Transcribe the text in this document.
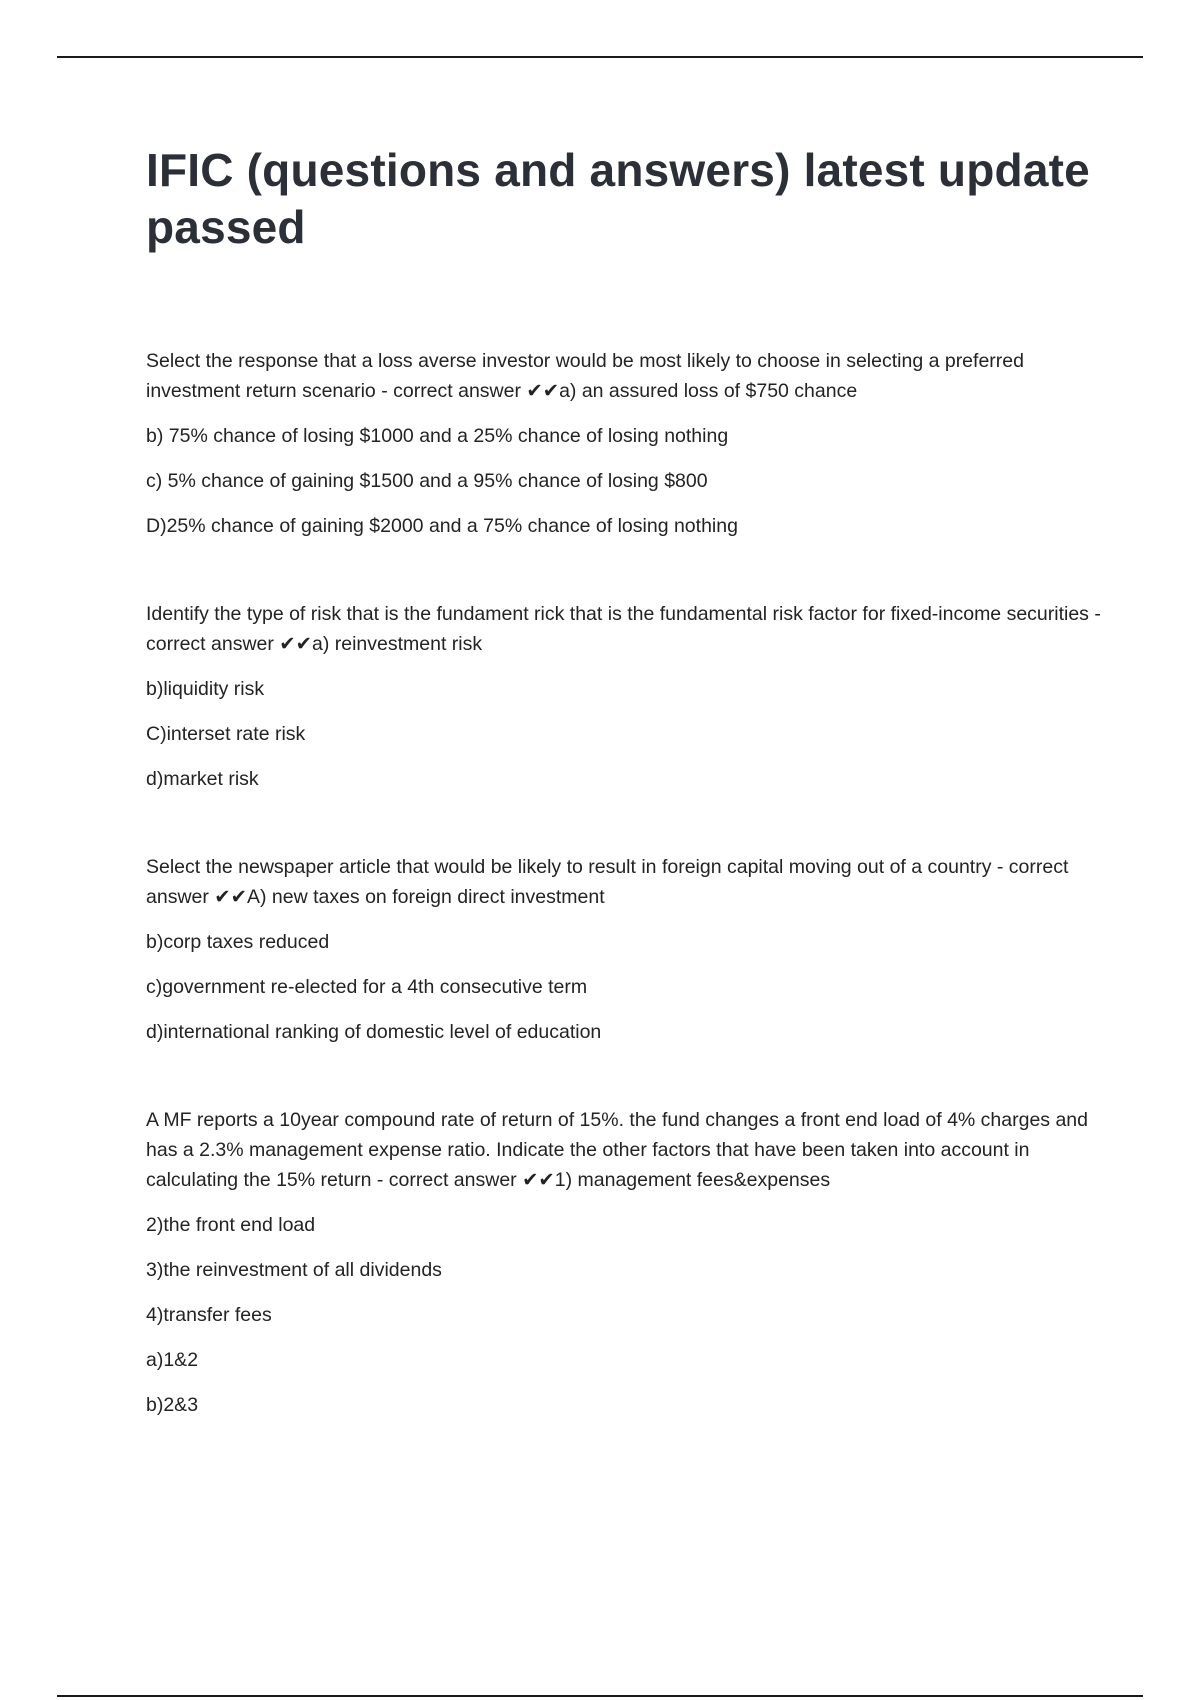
IFIC (questions and answers) latest update passed

Select the response that a loss averse investor would be most likely to choose in selecting a preferred investment return scenario - correct answer ✔✔a) an assured loss of $750 chance

b) 75% chance of losing $1000 and a 25% chance of losing nothing

c) 5% chance of gaining $1500 and a 95% chance of losing $800

D)25% chance of gaining $2000 and a 75% chance of losing nothing

Identify the type of risk that is the fundament rick that is the fundamental risk factor for fixed-income securities - correct answer ✔✔a) reinvestment risk

b)liquidity risk

C)interset rate risk

d)market risk

Select the newspaper article that would be likely to result in foreign capital moving out of a country - correct answer ✔✔A) new taxes on foreign direct investment

b)corp taxes reduced

c)government re-elected for a 4th consecutive term

d)international ranking of domestic level of education

A MF reports a 10year compound rate of return of 15%. the fund changes a front end load of 4% charges and has a 2.3% management expense ratio. Indicate the other factors that have been taken into account in calculating the 15% return - correct answer ✔✔1) management fees&expenses

2)the front end load

3)the reinvestment of all dividends

4)transfer fees

a)1&2

b)2&3
